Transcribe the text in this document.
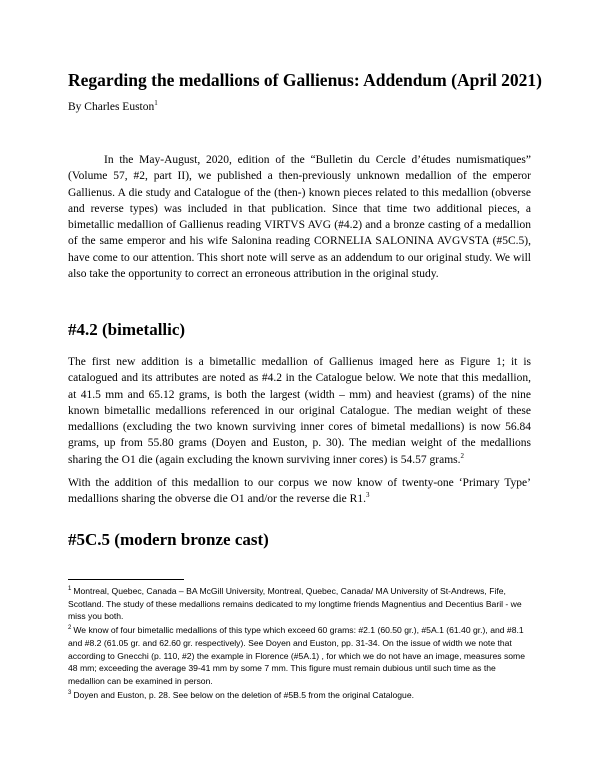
Regarding the medallions of Gallienus: Addendum (April 2021)
By Charles Euston$^1$
In the May-August, 2020, edition of the “Bulletin du Cercle d’études numismatiques” (Volume 57, #2, part II), we published a then-previously unknown medallion of the emperor Gallienus. A die study and Catalogue of the (then-) known pieces related to this medallion (obverse and reverse types) was included in that publication. Since that time two additional pieces, a bimetallic medallion of Gallienus reading VIRTVS AVG (#4.2) and a bronze casting of a medallion of the same emperor and his wife Salonina reading CORNELIA SALONINA AVGVSTA (#5C.5), have come to our attention. This short note will serve as an addendum to our original study. We will also take the opportunity to correct an erroneous attribution in the original study.
#4.2 (bimetallic)
The first new addition is a bimetallic medallion of Gallienus imaged here as Figure 1; it is catalogued and its attributes are noted as #4.2 in the Catalogue below. We note that this medallion, at 41.5 mm and 65.12 grams, is both the largest (width – mm) and heaviest (grams) of the nine known bimetallic medallions referenced in our original Catalogue. The median weight of these medallions (excluding the two known surviving inner cores of bimetal medallions) is now 56.84 grams, up from 55.80 grams (Doyen and Euston, p. 30). The median weight of the medallions sharing the O1 die (again excluding the known surviving inner cores) is 54.57 grams.$^2$
With the addition of this medallion to our corpus we now know of twenty-one ‘Primary Type’ medallions sharing the obverse die O1 and/or the reverse die R1.$^3$
#5C.5 (modern bronze cast)
$^1$ Montreal, Quebec, Canada – BA McGill University, Montreal, Quebec, Canada/ MA University of St-Andrews, Fife, Scotland. The study of these medallions remains dedicated to my longtime friends Magnentius and Decentius Baril - we miss you both.
$^2$ We know of four bimetallic medallions of this type which exceed 60 grams: #2.1 (60.50 gr.), #5A.1 (61.40 gr.), and #8.1 and #8.2 (61.05 gr. and 62.60 gr. respectively). See Doyen and Euston, pp. 31-34. On the issue of width we note that according to Gnecchi (p. 110, #2) the example in Florence (#5A.1) , for which we do not have an image, measures some 48 mm; exceeding the average 39-41 mm by some 7 mm. This figure must remain dubious until such time as the medallion can be examined in person.
$^3$ Doyen and Euston, p. 28. See below on the deletion of #5B.5 from the original Catalogue.
